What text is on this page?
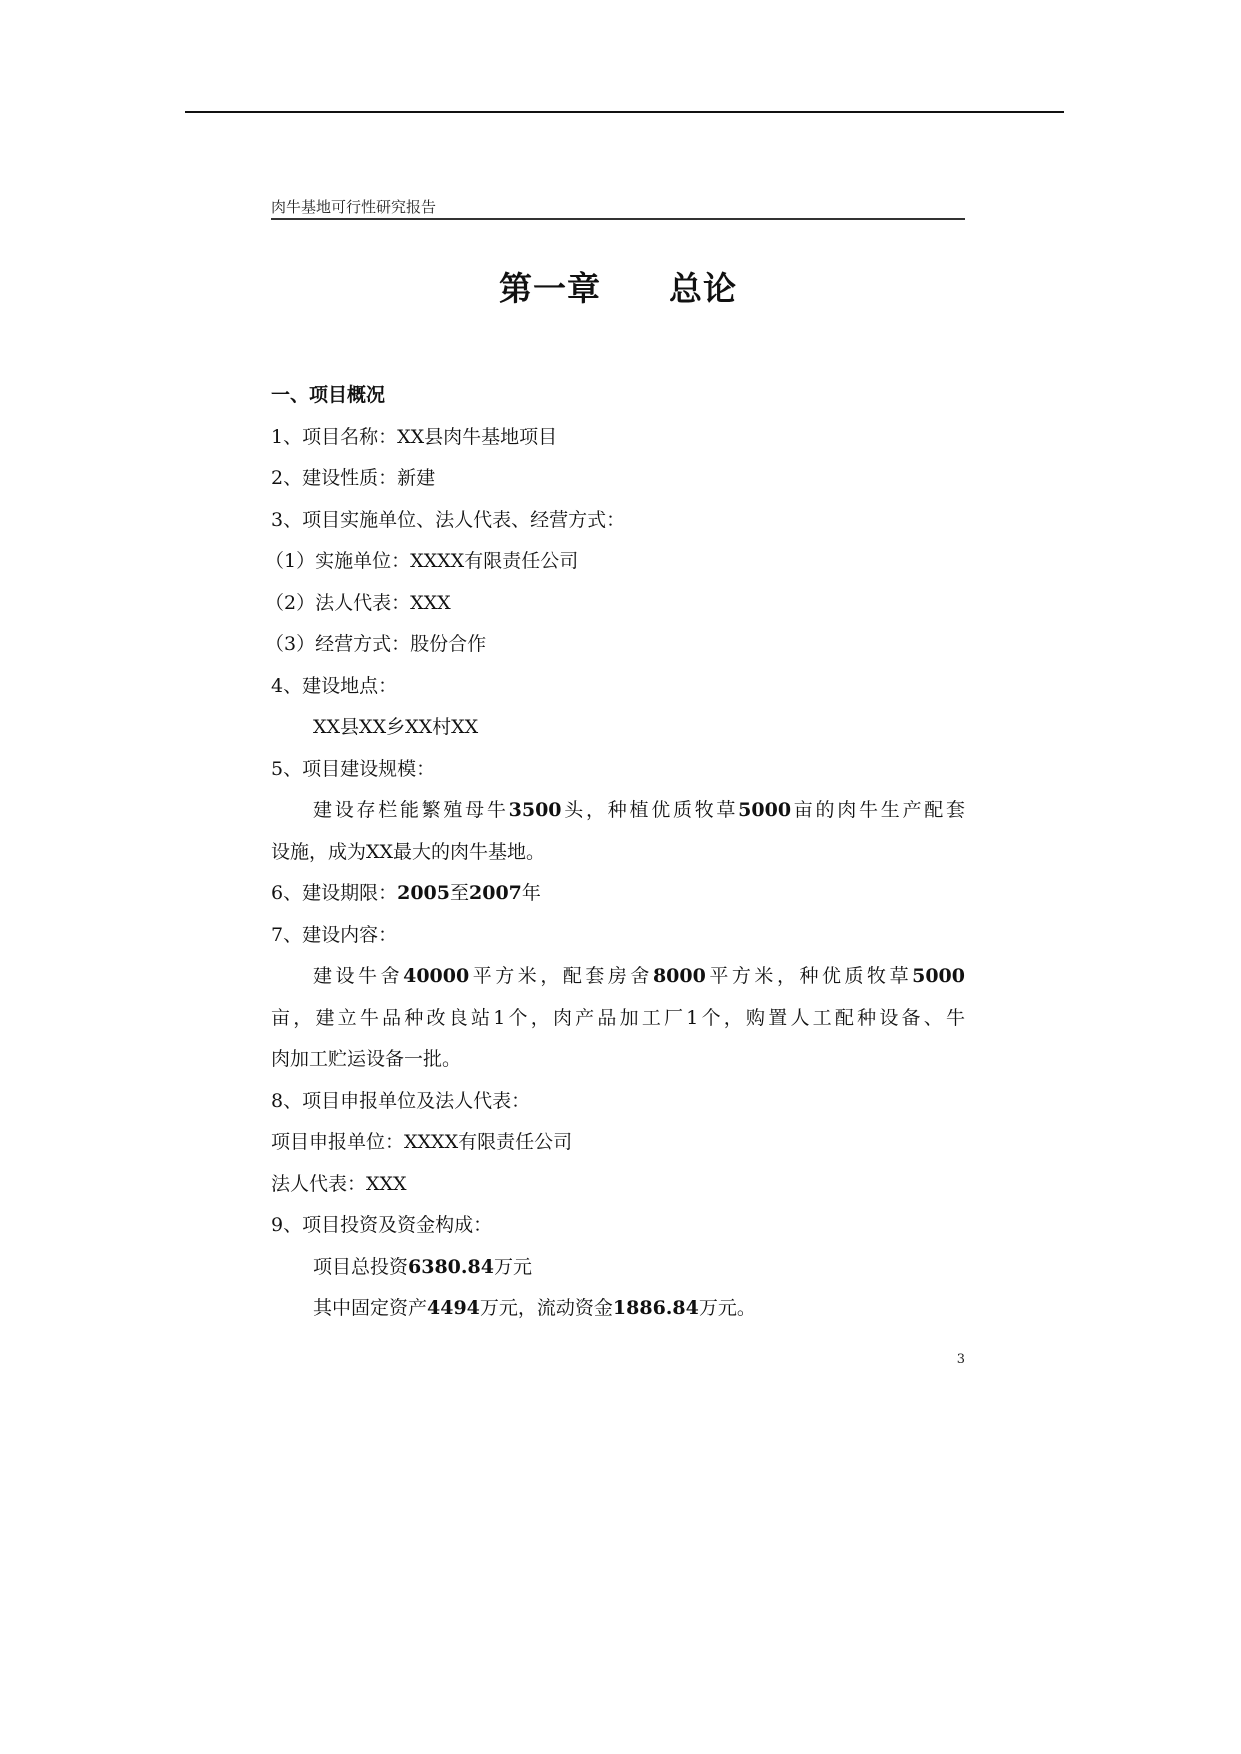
肉牛基地可行性研究报告
第一章　　总论
一、项目概况
1、项目名称：XX县肉牛基地项目
2、建设性质：新建
3、项目实施单位、法人代表、经营方式：
（1）实施单位：XXXX有限责任公司
（2）法人代表：XXX
（3）经营方式：股份合作
4、建设地点：
XX县XX乡XX村XX
5、项目建设规模：
建设存栏能繁殖母牛3500头，种植优质牧草5000亩的肉牛生产配套
设施，成为XX最大的肉牛基地。
6、建设期限：2005至2007年
7、建设内容：
建设牛舍40000平方米，配套房舍8000平方米，种优质牧草5000
亩，建立牛品种改良站1个，肉产品加工厂1个，购置人工配种设备、牛
肉加工贮运设备一批。
8、项目申报单位及法人代表：
项目申报单位：XXXX有限责任公司
法人代表：XXX
9、项目投资及资金构成：
项目总投资6380.84万元
其中固定资产4494万元，流动资金1886.84万元。
3
